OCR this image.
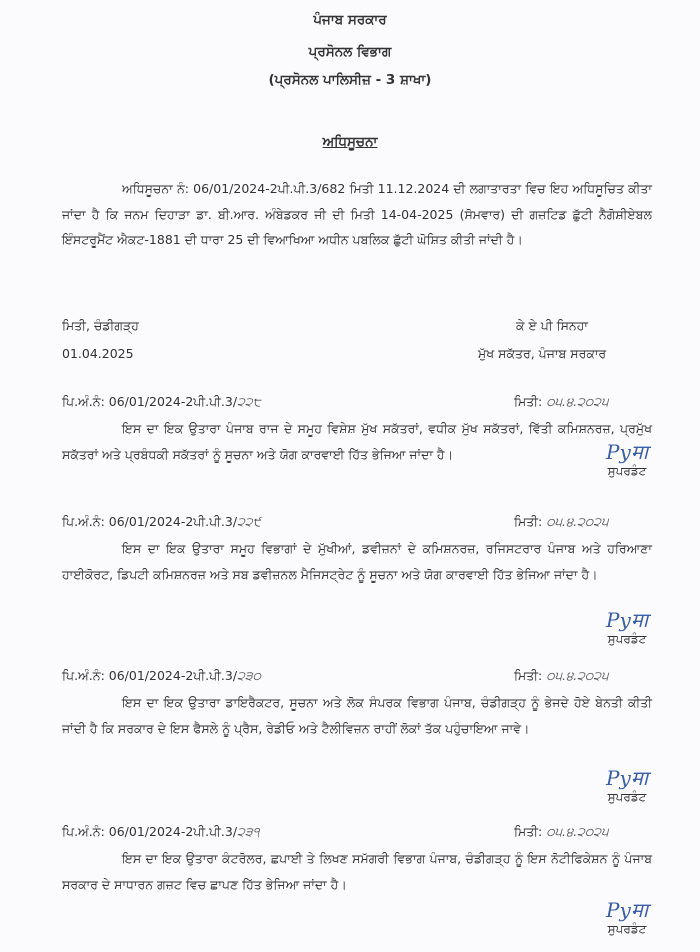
ਪੰਜਾਬ ਸਰਕਾਰ
ਪ੍ਰਸੋਨਲ ਵਿਭਾਗ
(ਪ੍ਰਸੋਨਲ ਪਾਲਿਸੀਜ਼ - 3 ਸ਼ਾਖਾ)
ਅਧਿਸੂਚਨਾ
ਅਧਿਸੂਚਨਾ ਨੰ: 06/01/2024-2ਪੀ.ਪੀ.3/682 ਮਿਤੀ 11.12.2024 ਦੀ ਲਗਾਤਾਰਤਾ ਵਿਚ ਇਹ ਅਧਿਸੂਚਿਤ ਕੀਤਾ ਜਾਂਦਾ ਹੈ ਕਿ ਜਨਮ ਦਿਹਾੜਾ ਡਾ. ਬੀ.ਆਰ. ਅੰਬੇਡਕਰ ਜੀ ਦੀ ਮਿਤੀ 14-04-2025 (ਸੋਮਵਾਰ) ਦੀ ਗਜ਼ਟਿਡ ਛੁੱਟੀ ਨੈਗੋਸ਼ੀਏਬਲ ਇੰਸਟਰੂਮੈਂਟ ਐਕਟ-1881 ਦੀ ਧਾਰਾ 25 ਦੀ ਵਿਆਖਿਆ ਅਧੀਨ ਪਬਲਿਕ ਛੁੱਟੀ ਘੋਸ਼ਿਤ ਕੀਤੀ ਜਾਂਦੀ ਹੈ।
ਮਿਤੀ, ਚੰਡੀਗੜ੍ਹ
01.04.2025
ਕੇ ਏ ਪੀ ਸਿਨਹਾ
ਮੁੱਖ ਸਕੱਤਰ, ਪੰਜਾਬ ਸਰਕਾਰ
ਪਿ.ਅੰ.ਨੰ: 06/01/2024-2ਪੀ.ਪੀ.3/੨੨੮	ਮਿਤੀ: ੦੫.੪.੨੦੨੫
ਇਸ ਦਾ ਇਕ ਉਤਾਰਾ ਪੰਜਾਬ ਰਾਜ ਦੇ ਸਮੂਹ ਵਿਸ਼ੇਸ਼ ਮੁੱਖ ਸਕੱਤਰਾਂ, ਵਧੀਕ ਮੁੱਖ ਸਕੱਤਰਾਂ, ਵਿੱਤੀ ਕਮਿਸ਼ਨਰਜ਼, ਪ੍ਰਮੁੱਖ ਸਕੱਤਰਾਂ ਅਤੇ ਪ੍ਰਬੰਧਕੀ ਸਕੱਤਰਾਂ ਨੂੰ ਸੂਚਨਾ ਅਤੇ ਯੋਗ ਕਾਰਵਾਈ ਹਿੱਤ ਭੇਜਿਆ ਜਾਂਦਾ ਹੈ।	Pyमा
ਸੁਪਰਡੰਟ
ਪਿ.ਅੰ.ਨੰ: 06/01/2024-2ਪੀ.ਪੀ.3/੨੨੯	ਮਿਤੀ: ੦੫.੪.੨੦੨੫
ਇਸ ਦਾ ਇਕ ਉਤਾਰਾ ਸਮੂਹ ਵਿਭਾਗਾਂ ਦੇ ਮੁੱਖੀਆਂ, ਡਵੀਜ਼ਨਾਂ ਦੇ ਕਮਿਸ਼ਨਰਜ਼, ਰਜਿਸਟਰਾਰ ਪੰਜਾਬ ਅਤੇ ਹਰਿਆਣਾ ਹਾਈਕੋਰਟ, ਡਿਪਟੀ ਕਮਿਸ਼ਨਰਜ਼ ਅਤੇ ਸਬ ਡਵੀਜ਼ਨਲ ਮੈਜਿਸਟ੍ਰੇਟ ਨੂੰ ਸੂਚਨਾ ਅਤੇ ਯੋਗ ਕਾਰਵਾਈ ਹਿੱਤ ਭੇਜਿਆ ਜਾਂਦਾ ਹੈ।
Pyमा
ਸੁਪਰਡੰਟ
ਪਿ.ਅੰ.ਨੰ: 06/01/2024-2ਪੀ.ਪੀ.3/੨੩੦	ਮਿਤੀ: ੦੫.੪.੨੦੨੫
ਇਸ ਦਾ ਇਕ ਉਤਾਰਾ ਡਾਇਰੈਕਟਰ, ਸੂਚਨਾ ਅਤੇ ਲੋਕ ਸੰਪਰਕ ਵਿਭਾਗ ਪੰਜਾਬ, ਚੰਡੀਗੜ੍ਹ ਨੂੰ ਭੇਜਦੇ ਹੋਏ ਬੇਨਤੀ ਕੀਤੀ ਜਾਂਦੀ ਹੈ ਕਿ ਸਰਕਾਰ ਦੇ ਇਸ ਫੈਸਲੇ ਨੂੰ ਪ੍ਰੈਸ, ਰੇਡੀਓ ਅਤੇ ਟੈਲੀਵਿਜ਼ਨ ਰਾਹੀਂ ਲੋਕਾਂ ਤੱਕ ਪਹੁੰਚਾਇਆ ਜਾਵੇ।
Pyमा
ਸੁਪਰਡੰਟ
ਪਿ.ਅੰ.ਨੰ: 06/01/2024-2ਪੀ.ਪੀ.3/੨੩੧	ਮਿਤੀ: ੦੫.੪.੨੦੨੫
ਇਸ ਦਾ ਇਕ ਉਤਾਰਾ ਕੰਟਰੋਲਰ, ਛਪਾਈ ਤੇ ਲਿਖਣ ਸਮੱਗਰੀ ਵਿਭਾਗ ਪੰਜਾਬ, ਚੰਡੀਗੜ੍ਹ ਨੂੰ ਇਸ ਨੋਟੀਫਿਕੇਸ਼ਨ ਨੂੰ ਪੰਜਾਬ ਸਰਕਾਰ ਦੇ ਸਾਧਾਰਨ ਗਜ਼ਟ ਵਿਚ ਛਾਪਣ ਹਿੱਤ ਭੇਜਿਆ ਜਾਂਦਾ ਹੈ।
Pyमा
ਸੁਪਰਡੰਟ
